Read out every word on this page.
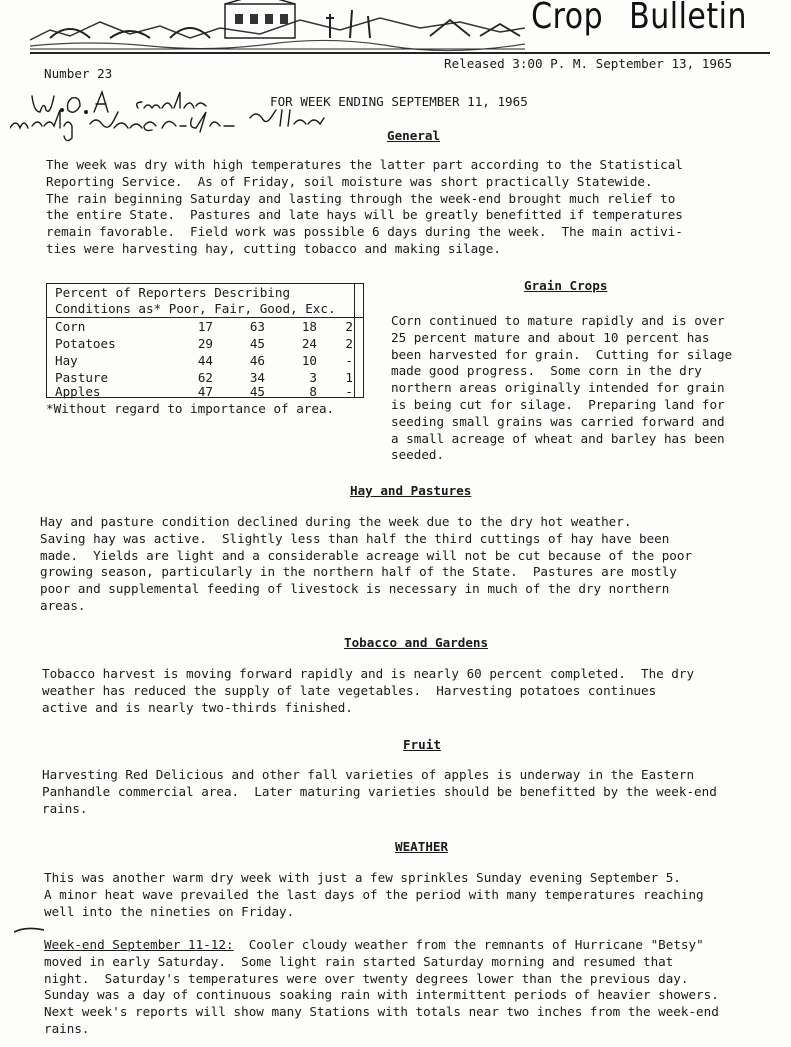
Crop Bulletin
Number 23
Released 3:00 P. M. September 13, 1965
FOR WEEK ENDING SEPTEMBER 11, 1965
General
The week was dry with high temperatures the latter part according to the Statistical
Reporting Service.  As of Friday, soil moisture was short practically Statewide.
The rain beginning Saturday and lasting through the week-end brought much relief to
the entire State.  Pastures and late hays will be greatly benefitted if temperatures
remain favorable.  Field work was possible 6 days during the week.  The main activi-
ties were harvesting hay, cutting tobacco and making silage.
Percent of Reporters Describing
Conditions as* Poor, Fair, Good, Exc.
Corn	17	63	18	2
Potatoes	29	45	24	2
Hay	44	46	10	-
Pasture	62	34	3	1
Apples	47	45	8	-
*Without regard to importance of area.
Grain Crops
Corn continued to mature rapidly and is over
25 percent mature and about 10 percent has
been harvested for grain.  Cutting for silage
made good progress.  Some corn in the dry
northern areas originally intended for grain
is being cut for silage.  Preparing land for
seeding small grains was carried forward and
a small acreage of wheat and barley has been
seeded.
Hay and Pastures
Hay and pasture condition declined during the week due to the dry hot weather.
Saving hay was active.  Slightly less than half the third cuttings of hay have been
made.  Yields are light and a considerable acreage will not be cut because of the poor
growing season, particularly in the northern half of the State.  Pastures are mostly
poor and supplemental feeding of livestock is necessary in much of the dry northern
areas.
Tobacco and Gardens
Tobacco harvest is moving forward rapidly and is nearly 60 percent completed.  The dry
weather has reduced the supply of late vegetables.  Harvesting potatoes continues
active and is nearly two-thirds finished.
Fruit
Harvesting Red Delicious and other fall varieties of apples is underway in the Eastern
Panhandle commercial area.  Later maturing varieties should be benefitted by the week-end
rains.
WEATHER
This was another warm dry week with just a few sprinkles Sunday evening September 5.
A minor heat wave prevailed the last days of the period with many temperatures reaching
well into the nineties on Friday.
Week-end September 11-12:  Cooler cloudy weather from the remnants of Hurricane "Betsy"
moved in early Saturday.  Some light rain started Saturday morning and resumed that
night.  Saturday's temperatures were over twenty degrees lower than the previous day.
Sunday was a day of continuous soaking rain with intermittent periods of heavier showers.
Next week's reports will show many Stations with totals near two inches from the week-end
rains.
